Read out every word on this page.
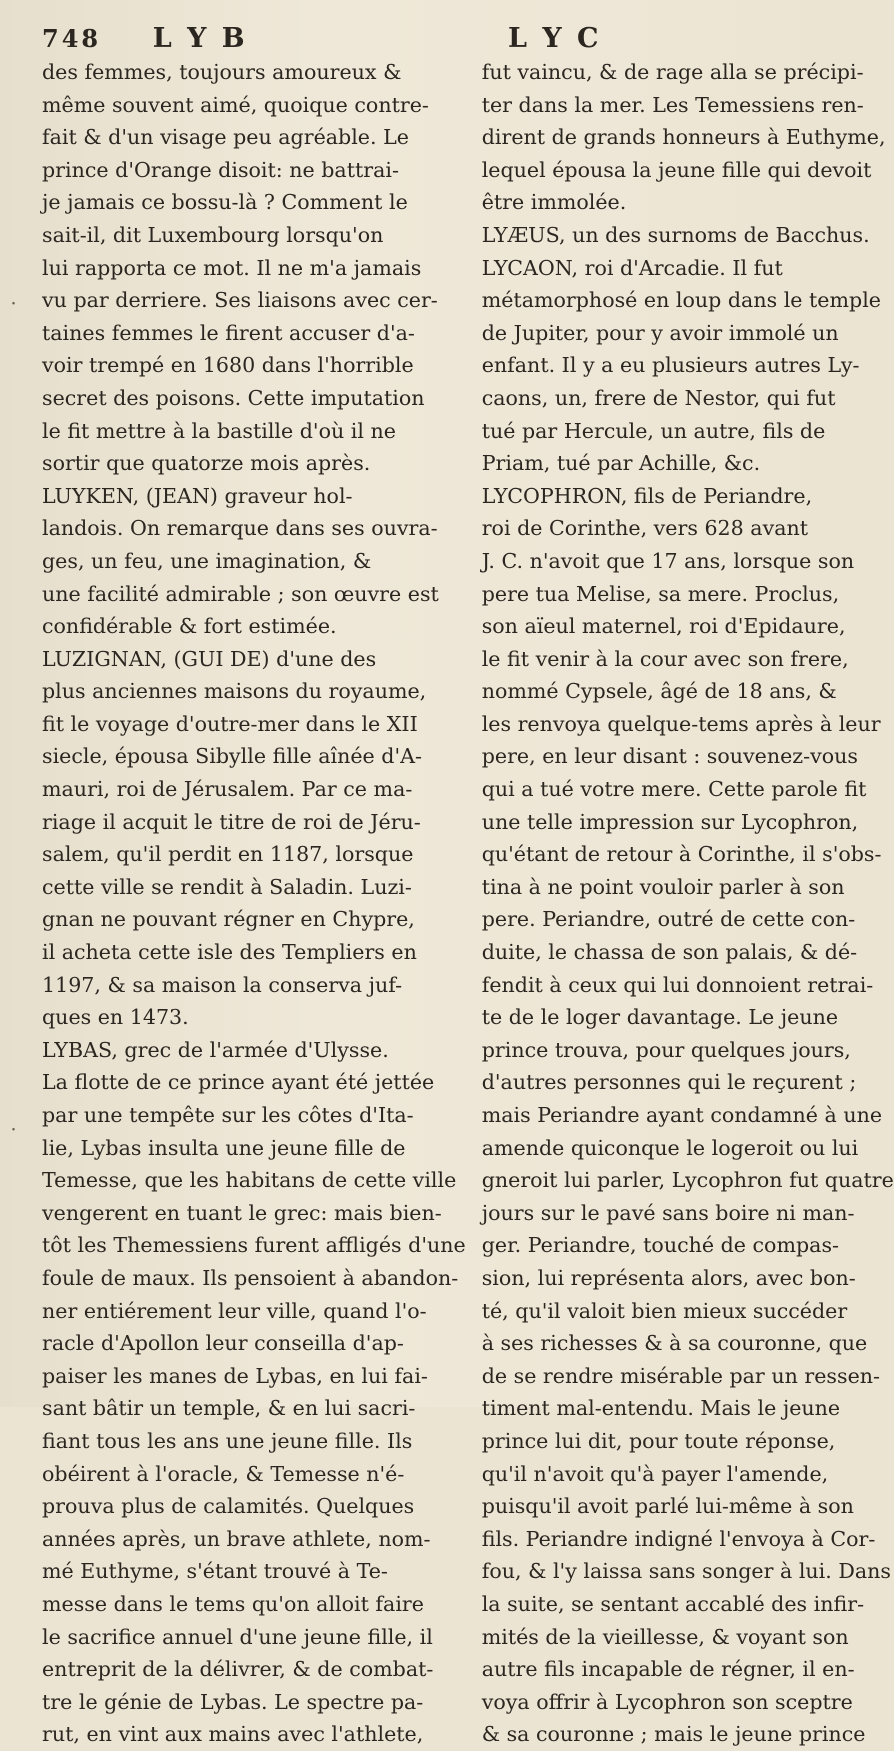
748 L Y B	L Y C
des femmes, toujours amoureux &
même souvent aimé, quoique contre-
fait & d'un visage peu agréable. Le
prince d'Orange disoit: ne battrai-
je jamais ce bossu-là ? Comment le
sait-il, dit Luxembourg lorsqu'on
lui rapporta ce mot. Il ne m'a jamais
vu par derriere. Ses liaisons avec cer-
taines femmes le firent accuser d'a-
voir trempé en 1680 dans l'horrible
secret des poisons. Cette imputation
le fit mettre à la bastille d'où il ne
sortir que quatorze mois après.
LUYKEN, (JEAN) graveur hol-
landois. On remarque dans ses ouvra-
ges, un feu, une imagination, &
une facilité admirable ; son œuvre est
confidérable & fort estimée.
LUZIGNAN, (GUI DE) d'une des
plus anciennes maisons du royaume,
fit le voyage d'outre-mer dans le XII
siecle, épousa Sibylle fille aînée d'A-
mauri, roi de Jérusalem. Par ce ma-
riage il acquit le titre de roi de Jéru-
salem, qu'il perdit en 1187, lorsque
cette ville se rendit à Saladin. Luzi-
gnan ne pouvant régner en Chypre,
il acheta cette isle des Templiers en
1197, & sa maison la conserva juf-
ques en 1473.
LYBAS, grec de l'armée d'Ulysse.
La flotte de ce prince ayant été jettée
par une tempête sur les côtes d'Ita-
lie, Lybas insulta une jeune fille de
Temesse, que les habitans de cette ville
vengerent en tuant le grec: mais bien-
tôt les Themessiens furent affligés d'une
foule de maux. Ils pensoient à abandon-
ner entiérement leur ville, quand l'o-
racle d'Apollon leur conseilla d'ap-
paiser les manes de Lybas, en lui fai-
sant bâtir un temple, & en lui sacri-
fiant tous les ans une jeune fille. Ils
obéirent à l'oracle, & Temesse n'é-
prouva plus de calamités. Quelques
années après, un brave athlete, nom-
mé Euthyme, s'étant trouvé à Te-
messe dans le tems qu'on alloit faire
le sacrifice annuel d'une jeune fille, il
entreprit de la délivrer, & de combat-
tre le génie de Lybas. Le spectre pa-
rut, en vint aux mains avec l'athlete,
fut vaincu, & de rage alla se précipi-
ter dans la mer. Les Temessiens ren-
dirent de grands honneurs à Euthyme,
lequel épousa la jeune fille qui devoit
être immolée.
LYÆUS, un des surnoms de Bacchus.
LYCAON, roi d'Arcadie. Il fut
métamorphosé en loup dans le temple
de Jupiter, pour y avoir immolé un
enfant. Il y a eu plusieurs autres Ly-
caons, un, frere de Nestor, qui fut
tué par Hercule, un autre, fils de
Priam, tué par Achille, &c.
LYCOPHRON, fils de Periandre,
roi de Corinthe, vers 628 avant
J. C. n'avoit que 17 ans, lorsque son
pere tua Melise, sa mere. Proclus,
son aïeul maternel, roi d'Epidaure,
le fit venir à la cour avec son frere,
nommé Cypsele, âgé de 18 ans, &
les renvoya quelque-tems après à leur
pere, en leur disant : souvenez-vous
qui a tué votre mere. Cette parole fit
une telle impression sur Lycophron,
qu'étant de retour à Corinthe, il s'obs-
tina à ne point vouloir parler à son
pere. Periandre, outré de cette con-
duite, le chassa de son palais, & dé-
fendit à ceux qui lui donnoient retrai-
te de le loger davantage. Le jeune
prince trouva, pour quelques jours,
d'autres personnes qui le reçurent ;
mais Periandre ayant condamné à une
amende quiconque le logeroit ou lui
gneroit lui parler, Lycophron fut quatre
jours sur le pavé sans boire ni man-
ger. Periandre, touché de compas-
sion, lui représenta alors, avec bon-
té, qu'il valoit bien mieux succéder
à ses richesses & à sa couronne, que
de se rendre misérable par un ressen-
timent mal-entendu. Mais le jeune
prince lui dit, pour toute réponse,
qu'il n'avoit qu'à payer l'amende,
puisqu'il avoit parlé lui-même à son
fils. Periandre indigné l'envoya à Cor-
fou, & l'y laissa sans songer à lui. Dans
la suite, se sentant accablé des infir-
mités de la vieillesse, & voyant son
autre fils incapable de régner, il en-
voya offrir à Lycophron son sceptre
& sa couronne ; mais le jeune prince
˙
˙
